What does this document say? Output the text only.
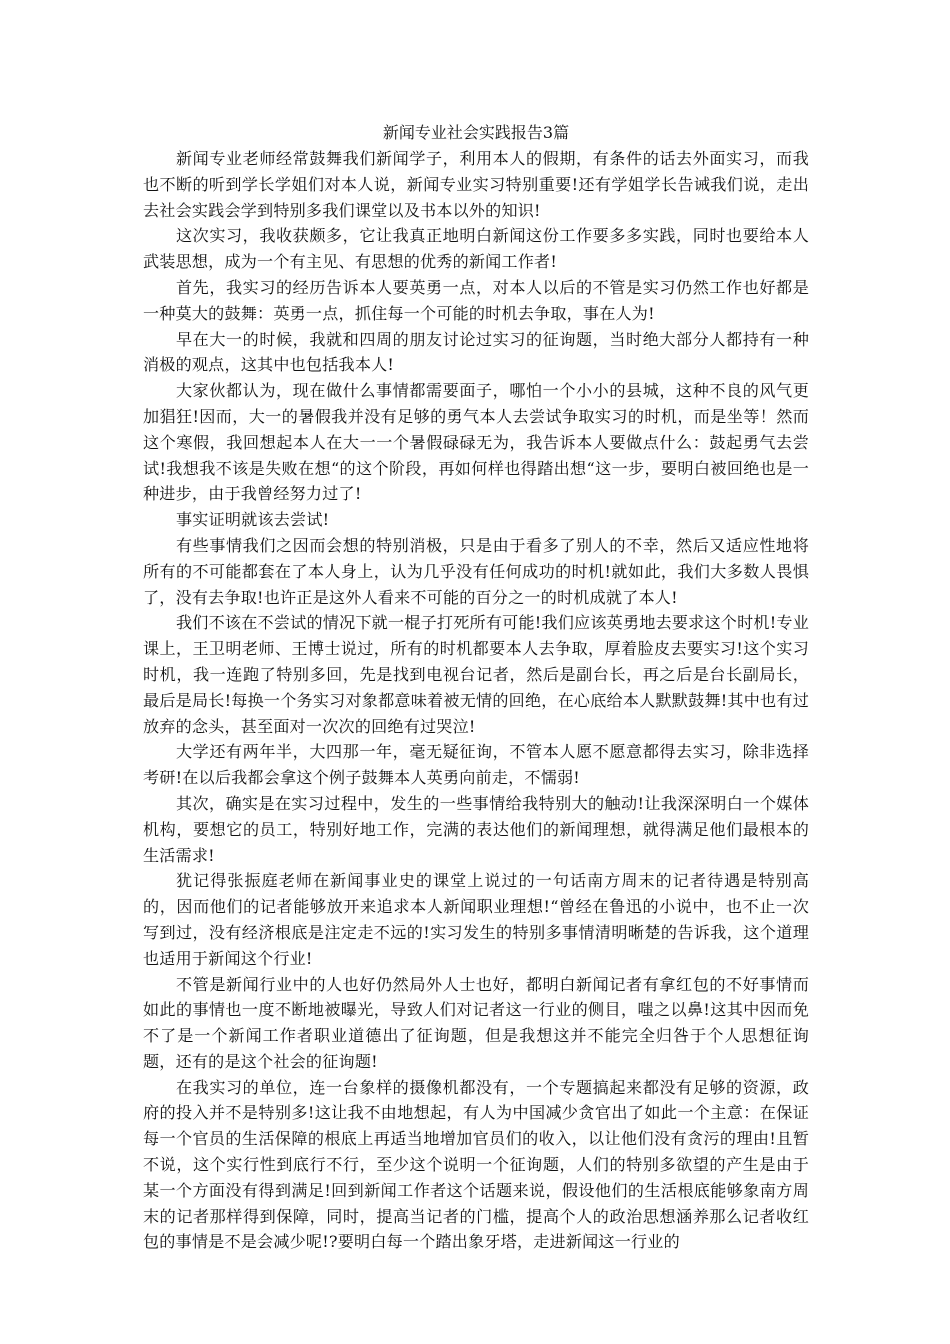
新闻专业社会实践报告3篇

新闻专业老师经常鼓舞我们新闻学子，利用本人的假期，有条件的话去外面实习，而我也不断的听到学长学姐们对本人说，新闻专业实习特别重要!还有学姐学长告诫我们说，走出去社会实践会学到特别多我们课堂以及书本以外的知识!

这次实习，我收获颇多，它让我真正地明白新闻这份工作要多多实践，同时也要给本人武装思想，成为一个有主见、有思想的优秀的新闻工作者!

首先，我实习的经历告诉本人要英勇一点，对本人以后的不管是实习仍然工作也好都是一种莫大的鼓舞：英勇一点，抓住每一个可能的时机去争取，事在人为!

早在大一的时候，我就和四周的朋友讨论过实习的征询题，当时绝大部分人都持有一种消极的观点，这其中也包括我本人!

大家伙都认为，现在做什么事情都需要面子，哪怕一个小小的县城，这种不良的风气更加猖狂!因而，大一的暑假我并没有足够的勇气本人去尝试争取实习的时机，而是坐等！然而这个寒假，我回想起本人在大一一个暑假碌碌无为，我告诉本人要做点什么：鼓起勇气去尝试!我想我不该是失败在想“的这个阶段，再如何样也得踏出想“这一步，要明白被回绝也是一种进步，由于我曾经努力过了!

事实证明就该去尝试!

有些事情我们之因而会想的特别消极，只是由于看多了别人的不幸，然后又适应性地将所有的不可能都套在了本人身上，认为几乎没有任何成功的时机!就如此，我们大多数人畏惧了，没有去争取!也许正是这外人看来不可能的百分之一的时机成就了本人!

我们不该在不尝试的情况下就一棍子打死所有可能!我们应该英勇地去要求这个时机!专业课上，王卫明老师、王博士说过，所有的时机都要本人去争取，厚着脸皮去要实习!这个实习时机，我一连跑了特别多回，先是找到电视台记者，然后是副台长，再之后是台长副局长，最后是局长!每换一个务实习对象都意味着被无情的回绝，在心底给本人默默鼓舞!其中也有过放弃的念头，甚至面对一次次的回绝有过哭泣!

大学还有两年半，大四那一年，毫无疑征询，不管本人愿不愿意都得去实习，除非选择考研!在以后我都会拿这个例子鼓舞本人英勇向前走，不懦弱!

其次，确实是在实习过程中，发生的一些事情给我特别大的触动!让我深深明白一个媒体机构，要想它的员工，特别好地工作，完满的表达他们的新闻理想，就得满足他们最根本的生活需求!

犹记得张振庭老师在新闻事业史的课堂上说过的一句话南方周末的记者待遇是特别高的，因而他们的记者能够放开来追求本人新闻职业理想!“曾经在鲁迅的小说中，也不止一次写到过，没有经济根底是注定走不远的!实习发生的特别多事情清明晰楚的告诉我，这个道理也适用于新闻这个行业!

不管是新闻行业中的人也好仍然局外人士也好，都明白新闻记者有拿红包的不好事情而如此的事情也一度不断地被曝光，导致人们对记者这一行业的侧目，嗤之以鼻!这其中因而免不了是一个新闻工作者职业道德出了征询题，但是我想这并不能完全归咎于个人思想征询题，还有的是这个社会的征询题!

在我实习的单位，连一台象样的摄像机都没有，一个专题搞起来都没有足够的资源，政府的投入并不是特别多!这让我不由地想起，有人为中国减少贪官出了如此一个主意：在保证每一个官员的生活保障的根底上再适当地增加官员们的收入，以让他们没有贪污的理由!且暂不说，这个实行性到底行不行，至少这个说明一个征询题，人们的特别多欲望的产生是由于某一个方面没有得到满足!回到新闻工作者这个话题来说，假设他们的生活根底能够象南方周末的记者那样得到保障，同时，提高当记者的门槛，提高个人的政治思想涵养那么记者收红包的事情是不是会减少呢!?要明白每一个踏出象牙塔，走进新闻这一行业的
